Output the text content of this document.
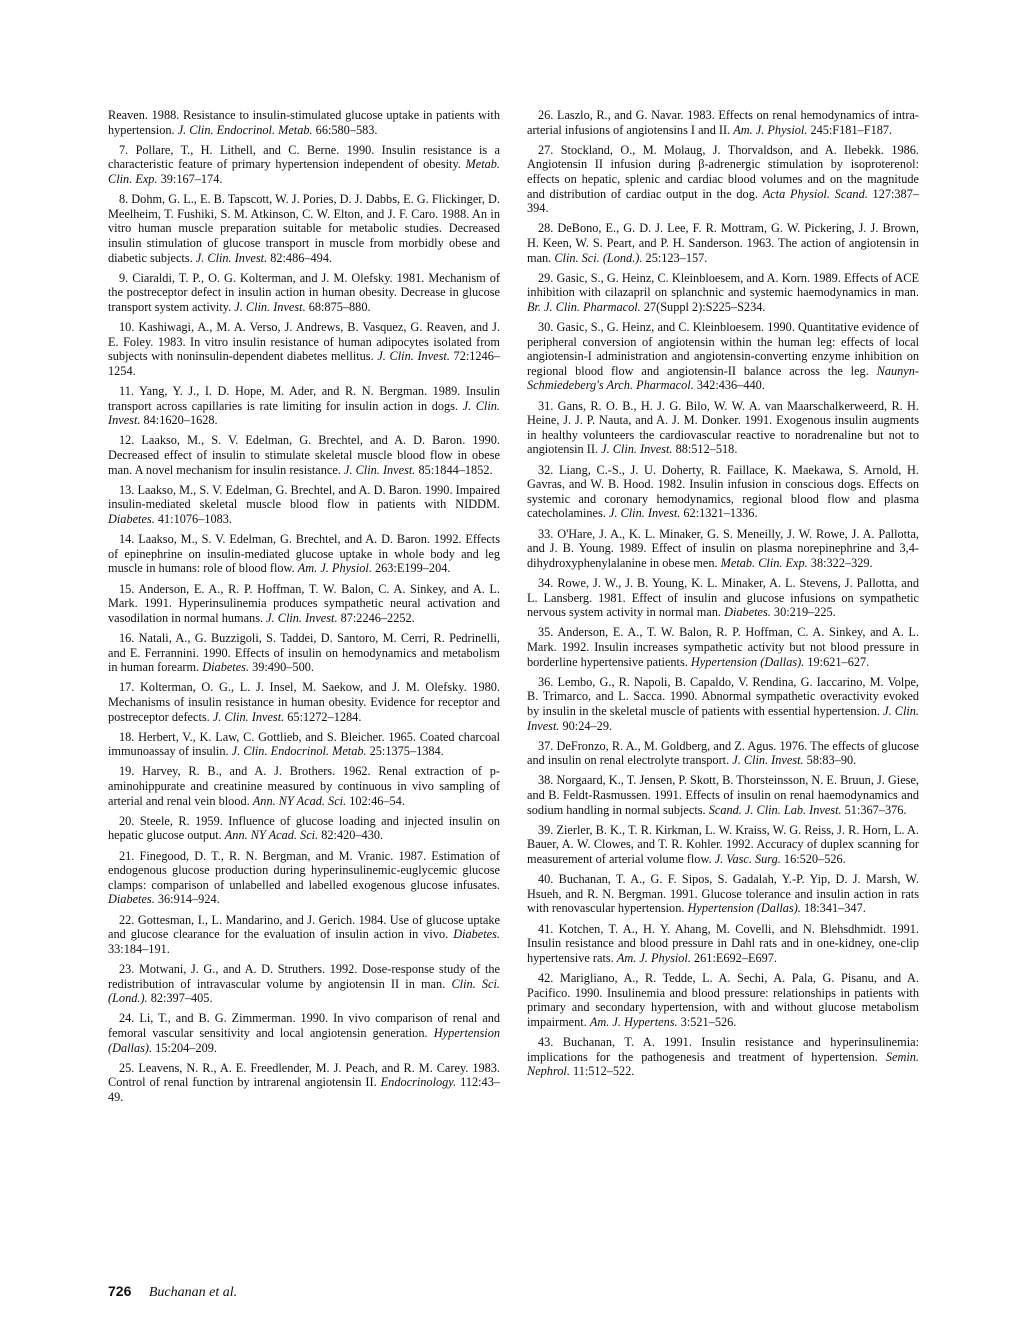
Reaven. 1988. Resistance to insulin-stimulated glucose uptake in patients with hypertension. J. Clin. Endocrinol. Metab. 66:580–583.

7. Pollare, T., H. Lithell, and C. Berne. 1990. Insulin resistance is a characteristic feature of primary hypertension independent of obesity. Metab. Clin. Exp. 39:167–174.

8. Dohm, G. L., E. B. Tapscott, W. J. Pories, D. J. Dabbs, E. G. Flickinger, D. Meelheim, T. Fushiki, S. M. Atkinson, C. W. Elton, and J. F. Caro. 1988. An in vitro human muscle preparation suitable for metabolic studies. Decreased insulin stimulation of glucose transport in muscle from morbidly obese and diabetic subjects. J. Clin. Invest. 82:486–494.

9. Ciaraldi, T. P., O. G. Kolterman, and J. M. Olefsky. 1981. Mechanism of the postreceptor defect in insulin action in human obesity. Decrease in glucose transport system activity. J. Clin. Invest. 68:875–880.

10. Kashiwagi, A., M. A. Verso, J. Andrews, B. Vasquez, G. Reaven, and J. E. Foley. 1983. In vitro insulin resistance of human adipocytes isolated from subjects with noninsulin-dependent diabetes mellitus. J. Clin. Invest. 72:1246–1254.

11. Yang, Y. J., I. D. Hope, M. Ader, and R. N. Bergman. 1989. Insulin transport across capillaries is rate limiting for insulin action in dogs. J. Clin. Invest. 84:1620–1628.

12. Laakso, M., S. V. Edelman, G. Brechtel, and A. D. Baron. 1990. Decreased effect of insulin to stimulate skeletal muscle blood flow in obese man. A novel mechanism for insulin resistance. J. Clin. Invest. 85:1844–1852.

13. Laakso, M., S. V. Edelman, G. Brechtel, and A. D. Baron. 1990. Impaired insulin-mediated skeletal muscle blood flow in patients with NIDDM. Diabetes. 41:1076–1083.

14. Laakso, M., S. V. Edelman, G. Brechtel, and A. D. Baron. 1992. Effects of epinephrine on insulin-mediated glucose uptake in whole body and leg muscle in humans: role of blood flow. Am. J. Physiol. 263:E199–204.

15. Anderson, E. A., R. P. Hoffman, T. W. Balon, C. A. Sinkey, and A. L. Mark. 1991. Hyperinsulinemia produces sympathetic neural activation and vasodilation in normal humans. J. Clin. Invest. 87:2246–2252.

16. Natali, A., G. Buzzigoli, S. Taddei, D. Santoro, M. Cerri, R. Pedrinelli, and E. Ferrannini. 1990. Effects of insulin on hemodynamics and metabolism in human forearm. Diabetes. 39:490–500.

17. Kolterman, O. G., L. J. Insel, M. Saekow, and J. M. Olefsky. 1980. Mechanisms of insulin resistance in human obesity. Evidence for receptor and postreceptor defects. J. Clin. Invest. 65:1272–1284.

18. Herbert, V., K. Law, C. Gottlieb, and S. Bleicher. 1965. Coated charcoal immunoassay of insulin. J. Clin. Endocrinol. Metab. 25:1375–1384.

19. Harvey, R. B., and A. J. Brothers. 1962. Renal extraction of p-aminohippurate and creatinine measured by continuous in vivo sampling of arterial and renal vein blood. Ann. NY Acad. Sci. 102:46–54.

20. Steele, R. 1959. Influence of glucose loading and injected insulin on hepatic glucose output. Ann. NY Acad. Sci. 82:420–430.

21. Finegood, D. T., R. N. Bergman, and M. Vranic. 1987. Estimation of endogenous glucose production during hyperinsulinemic-euglycemic glucose clamps: comparison of unlabelled and labelled exogenous glucose infusates. Diabetes. 36:914–924.

22. Gottesman, I., L. Mandarino, and J. Gerich. 1984. Use of glucose uptake and glucose clearance for the evaluation of insulin action in vivo. Diabetes. 33:184–191.

23. Motwani, J. G., and A. D. Struthers. 1992. Dose-response study of the redistribution of intravascular volume by angiotensin II in man. Clin. Sci. (Lond.). 82:397–405.

24. Li, T., and B. G. Zimmerman. 1990. In vivo comparison of renal and femoral vascular sensitivity and local angiotensin generation. Hypertension (Dallas). 15:204–209.

25. Leavens, N. R., A. E. Freedlender, M. J. Peach, and R. M. Carey. 1983. Control of renal function by intrarenal angiotensin II. Endocrinology. 112:43–49.

26. Laszlo, R., and G. Navar. 1983. Effects on renal hemodynamics of intra-arterial infusions of angiotensins I and II. Am. J. Physiol. 245:F181–F187.

27. Stockland, O., M. Molaug, J. Thorvaldson, and A. Ilebekk. 1986. Angiotensin II infusion during β-adrenergic stimulation by isoproterenol: effects on hepatic, splenic and cardiac blood volumes and on the magnitude and distribution of cardiac output in the dog. Acta Physiol. Scand. 127:387–394.

28. DeBono, E., G. D. J. Lee, F. R. Mottram, G. W. Pickering, J. J. Brown, H. Keen, W. S. Peart, and P. H. Sanderson. 1963. The action of angiotensin in man. Clin. Sci. (Lond.). 25:123–157.

29. Gasic, S., G. Heinz, C. Kleinbloesem, and A. Korn. 1989. Effects of ACE inhibition with cilazapril on splanchnic and systemic haemodynamics in man. Br. J. Clin. Pharmacol. 27(Suppl 2):S225–S234.

30. Gasic, S., G. Heinz, and C. Kleinbloesem. 1990. Quantitative evidence of peripheral conversion of angiotensin within the human leg: effects of local angiotensin-I administration and angiotensin-converting enzyme inhibition on regional blood flow and angiotensin-II balance across the leg. Naunyn-Schmiedeberg's Arch. Pharmacol. 342:436–440.

31. Gans, R. O. B., H. J. G. Bilo, W. W. A. van Maarschalkerweerd, R. H. Heine, J. J. P. Nauta, and A. J. M. Donker. 1991. Exogenous insulin augments in healthy volunteers the cardiovascular reactive to noradrenaline but not to angiotensin II. J. Clin. Invest. 88:512–518.

32. Liang, C.-S., J. U. Doherty, R. Faillace, K. Maekawa, S. Arnold, H. Gavras, and W. B. Hood. 1982. Insulin infusion in conscious dogs. Effects on systemic and coronary hemodynamics, regional blood flow and plasma catecholamines. J. Clin. Invest. 62:1321–1336.

33. O'Hare, J. A., K. L. Minaker, G. S. Meneilly, J. W. Rowe, J. A. Pallotta, and J. B. Young. 1989. Effect of insulin on plasma norepinephrine and 3,4-dihydroxyphenylalanine in obese men. Metab. Clin. Exp. 38:322–329.

34. Rowe, J. W., J. B. Young, K. L. Minaker, A. L. Stevens, J. Pallotta, and L. Lansberg. 1981. Effect of insulin and glucose infusions on sympathetic nervous system activity in normal man. Diabetes. 30:219–225.

35. Anderson, E. A., T. W. Balon, R. P. Hoffman, C. A. Sinkey, and A. L. Mark. 1992. Insulin increases sympathetic activity but not blood pressure in borderline hypertensive patients. Hypertension (Dallas). 19:621–627.

36. Lembo, G., R. Napoli, B. Capaldo, V. Rendina, G. Iaccarino, M. Volpe, B. Trimarco, and L. Sacca. 1990. Abnormal sympathetic overactivity evoked by insulin in the skeletal muscle of patients with essential hypertension. J. Clin. Invest. 90:24–29.

37. DeFronzo, R. A., M. Goldberg, and Z. Agus. 1976. The effects of glucose and insulin on renal electrolyte transport. J. Clin. Invest. 58:83–90.

38. Norgaard, K., T. Jensen, P. Skott, B. Thorsteinsson, N. E. Bruun, J. Giese, and B. Feldt-Rasmussen. 1991. Effects of insulin on renal haemodynamics and sodium handling in normal subjects. Scand. J. Clin. Lab. Invest. 51:367–376.

39. Zierler, B. K., T. R. Kirkman, L. W. Kraiss, W. G. Reiss, J. R. Horn, L. A. Bauer, A. W. Clowes, and T. R. Kohler. 1992. Accuracy of duplex scanning for measurement of arterial volume flow. J. Vasc. Surg. 16:520–526.

40. Buchanan, T. A., G. F. Sipos, S. Gadalah, Y.-P. Yip, D. J. Marsh, W. Hsueh, and R. N. Bergman. 1991. Glucose tolerance and insulin action in rats with renovascular hypertension. Hypertension (Dallas). 18:341–347.

41. Kotchen, T. A., H. Y. Ahang, M. Covelli, and N. Blehsdhmidt. 1991. Insulin resistance and blood pressure in Dahl rats and in one-kidney, one-clip hypertensive rats. Am. J. Physiol. 261:E692–E697.

42. Marigliano, A., R. Tedde, L. A. Sechi, A. Pala, G. Pisanu, and A. Pacifico. 1990. Insulinemia and blood pressure: relationships in patients with primary and secondary hypertension, with and without glucose metabolism impairment. Am. J. Hypertens. 3:521–526.

43. Buchanan, T. A. 1991. Insulin resistance and hyperinsulinemia: implications for the pathogenesis and treatment of hypertension. Semin. Nephrol. 11:512–522.

726 Buchanan et al.
